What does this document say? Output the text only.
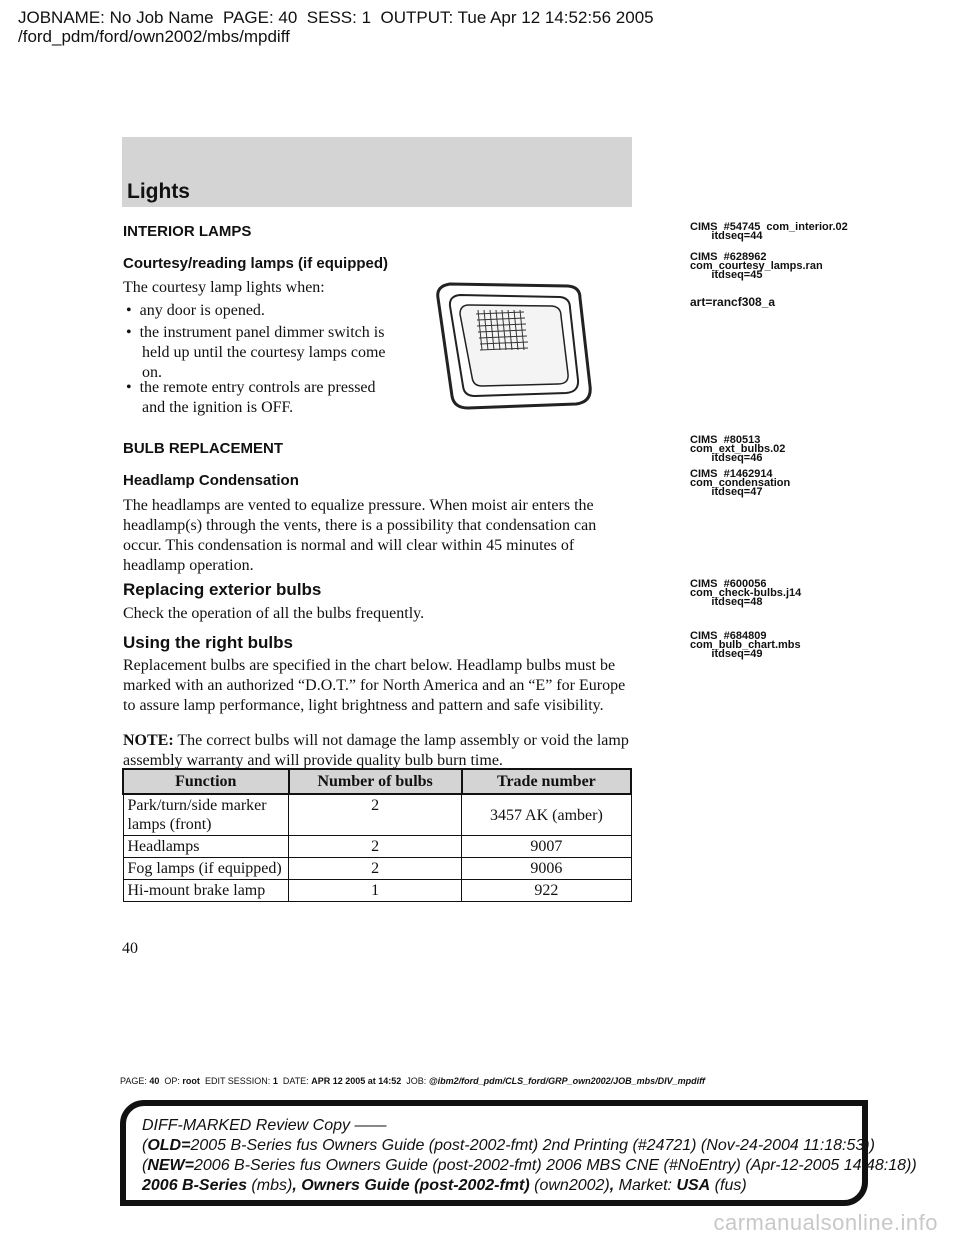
JOBNAME: No Job Name  PAGE: 40  SESS: 1  OUTPUT: Tue Apr 12 14:52:56 2005
/ford_pdm/ford/own2002/mbs/mpdiff
Lights
INTERIOR LAMPS
Courtesy/reading lamps (if equipped)
The courtesy lamp lights when:
•  any door is opened.
•  the instrument panel dimmer switch is held up until the courtesy lamps come on.
•  the remote entry controls are pressed and the ignition is OFF.
BULB REPLACEMENT
Headlamp Condensation
The headlamps are vented to equalize pressure. When moist air enters the headlamp(s) through the vents, there is a possibility that condensation can occur. This condensation is normal and will clear within 45 minutes of headlamp operation.
Replacing exterior bulbs
Check the operation of all the bulbs frequently.
Using the right bulbs
Replacement bulbs are specified in the chart below. Headlamp bulbs must be marked with an authorized “D.O.T.” for North America and an “E” for Europe to assure lamp performance, light brightness and pattern and safe visibility.
NOTE: The correct bulbs will not damage the lamp assembly or void the lamp assembly warranty and will provide quality bulb burn time.
Function	Number of bulbs	Trade number
Park/turn/side marker lamps (front)	2	3457 AK (amber)
Headlamps	2	9007
Fog lamps (if equipped)	2	9006
Hi-mount brake lamp	1	922
CIMS  #54745  com_interior.02
itdseq=44
CIMS  #628962
com_courtesy_lamps.ran
itdseq=45
art=rancf308_a
CIMS  #80513
com_ext_bulbs.02
itdseq=46
CIMS  #1462914
com_condensation
itdseq=47
CIMS  #600056
com_check-bulbs.j14
itdseq=48
CIMS  #684809
com_bulb_chart.mbs
itdseq=49
40
PAGE: 40 OP: root EDIT SESSION: 1 DATE: APR 12 2005 at 14:52 JOB: @ibm2/ford_pdm/CLS_ford/GRP_own2002/JOB_mbs/DIV_mpdiff
DIFF-MARKED Review Copy ——
(OLD=2005 B-Series fus Owners Guide (post-2002-fmt) 2nd Printing (#24721) (Nov-24-2004 11:18:53))
(NEW=2006 B-Series fus Owners Guide (post-2002-fmt) 2006 MBS CNE (#NoEntry) (Apr-12-2005 14:48:18))
2006 B-Series (mbs), Owners Guide (post-2002-fmt) (own2002), Market: USA (fus)
carmanualsonline.info
